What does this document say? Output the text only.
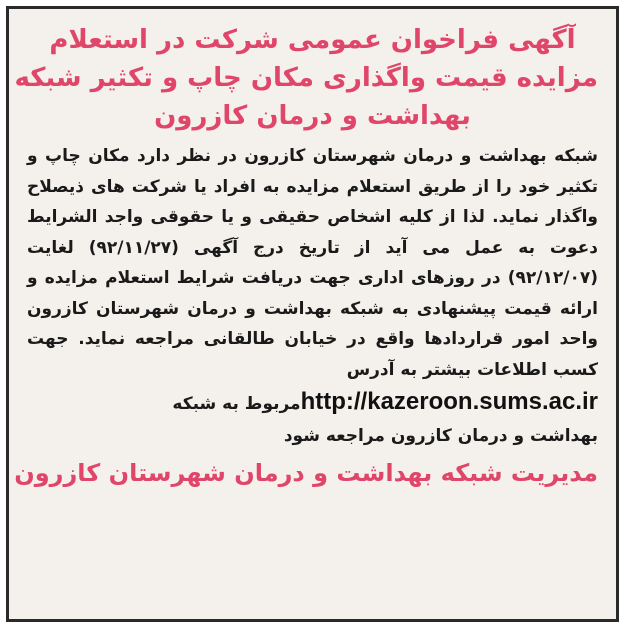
آگهی فراخوان عمومی شرکت در استعلام
مزایده قیمت واگذاری مکان چاپ و تکثیر شبکه
بهداشت و درمان کازرون
شبکه بهداشت و درمان شهرستان کازرون در نظر دارد مکان چاپ و تکثیر خود را از طریق استعلام مزایده به افراد یا شرکت های ذیصلاح واگذار نماید. لذا از کلیه اشخاص حقیقی و یا حقوقی واجد الشرایط دعوت به عمل می آید از تاریخ درج آگهی (۹۲/۱۱/۲۷) لغایت (۹۲/۱۲/۰۷) در روزهای اداری جهت دریافت شرایط استعلام مزایده و ارائه قیمت پیشنهادی به شبکه بهداشت و درمان شهرستان کازرون واحد امور قراردادها واقع در خیابان طالقانی مراجعه نماید. جهت کسب اطلاعات بیشتر به آدرس
http://kazeroon.sums.ac.irمربوط به شبکه
بهداشت و درمان کازرون مراجعه شود
مدیریت شبکه بهداشت و درمان شهرستان کازرون
